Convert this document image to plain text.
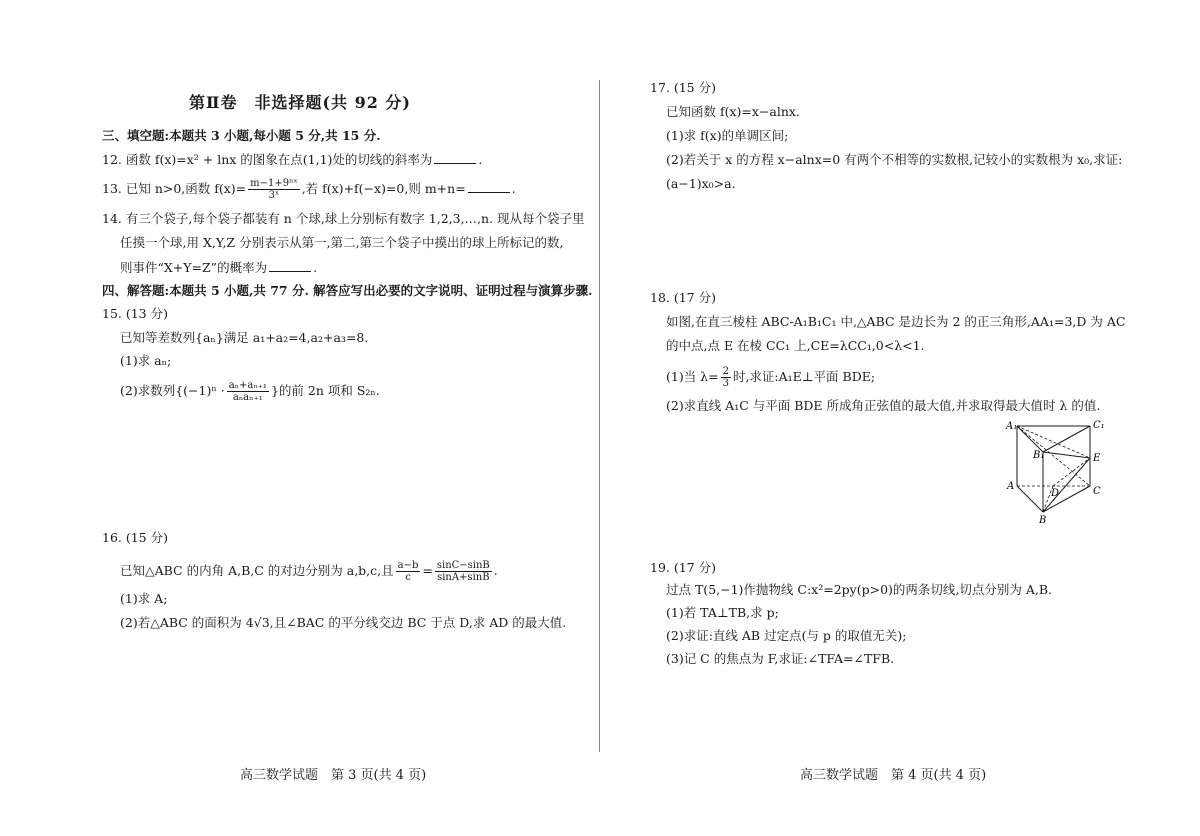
第Ⅱ卷　非选择题(共 92 分)
三、填空题:本题共 3 小题,每小题 5 分,共 15 分.
12. 函数 f(x)=x² + lnx 的图象在点(1,1)处的切线的斜率为	.
13. 已知 n>0,函数 $f(x)= \frac{\text{m−1+9ⁿˣ}}{\text{3ˣ}}$ ,若 f(x)+f(−x)=0,则 m+n=	.
14. 有三个袋子,每个袋子都装有 n 个球,球上分别标有数字 1,2,3,…,n. 现从每个袋子里
任摸一个球,用 X,Y,Z 分别表示从第一,第二,第三个袋子中摸出的球上所标记的数,
则事件“X+Y=Z”的概率为	.
四、解答题:本题共 5 小题,共 77 分. 解答应写出必要的文字说明、证明过程与演算步骤.
15. (13 分)
已知等差数列{aₙ}满足 a₁+a₂=4,a₂+a₃=8.
(1)求 aₙ;
(2)求数列{$(-1)^n \cdot \frac{\text{aₙ+aₙ₊₁}}{\text{aₙaₙ₊₁}}$ }的前 2n 项和 S₂ₙ.
16. (15 分)
已知△ABC 的内角 A,B,C 的对边分别为 a,b,c,且 $\frac{a-b}{c} = \frac{\sin C-\sin B}{\sin A+\sin B}$ .
(1)求 A;
(2)若△ABC 的面积为 4√3,且∠BAC 的平分线交边 BC 于点 D,求 AD 的最大值.
高三数学试题　第 3 页(共 4 页)
17. (15 分)
已知函数 f(x)=x−alnx.
(1)求 f(x)的单调区间;
(2)若关于 x 的方程 x−alnx=0 有两个不相等的实数根,记较小的实数根为 x₀,求证:
(a−1)x₀>a.
18. (17 分)
如图,在直三棱柱 ABC-A₁B₁C₁ 中,△ABC 是边长为 2 的正三角形,AA₁=3,D 为 AC
的中点,点 E 在棱 CC₁ 上,CE=λCC₁,0<λ<1.
(1)当 $\lambda= \frac{2}{3}$ 时,求证:A₁E⊥平面 BDE;
(2)求直线 A₁C 与平面 BDE 所成角正弦值的最大值,并求取得最大值时 λ 的值.
A₁	C₁
B₁	E
A
D	C
B
19. (17 分)
过点 T(5,−1)作抛物线 C:x²=2py(p>0)的两条切线,切点分别为 A,B.
(1)若 TA⊥TB,求 p;
(2)求证:直线 AB 过定点(与 p 的取值无关);
(3)记 C 的焦点为 F,求证:∠TFA=∠TFB.
高三数学试题　第 4 页(共 4 页)
